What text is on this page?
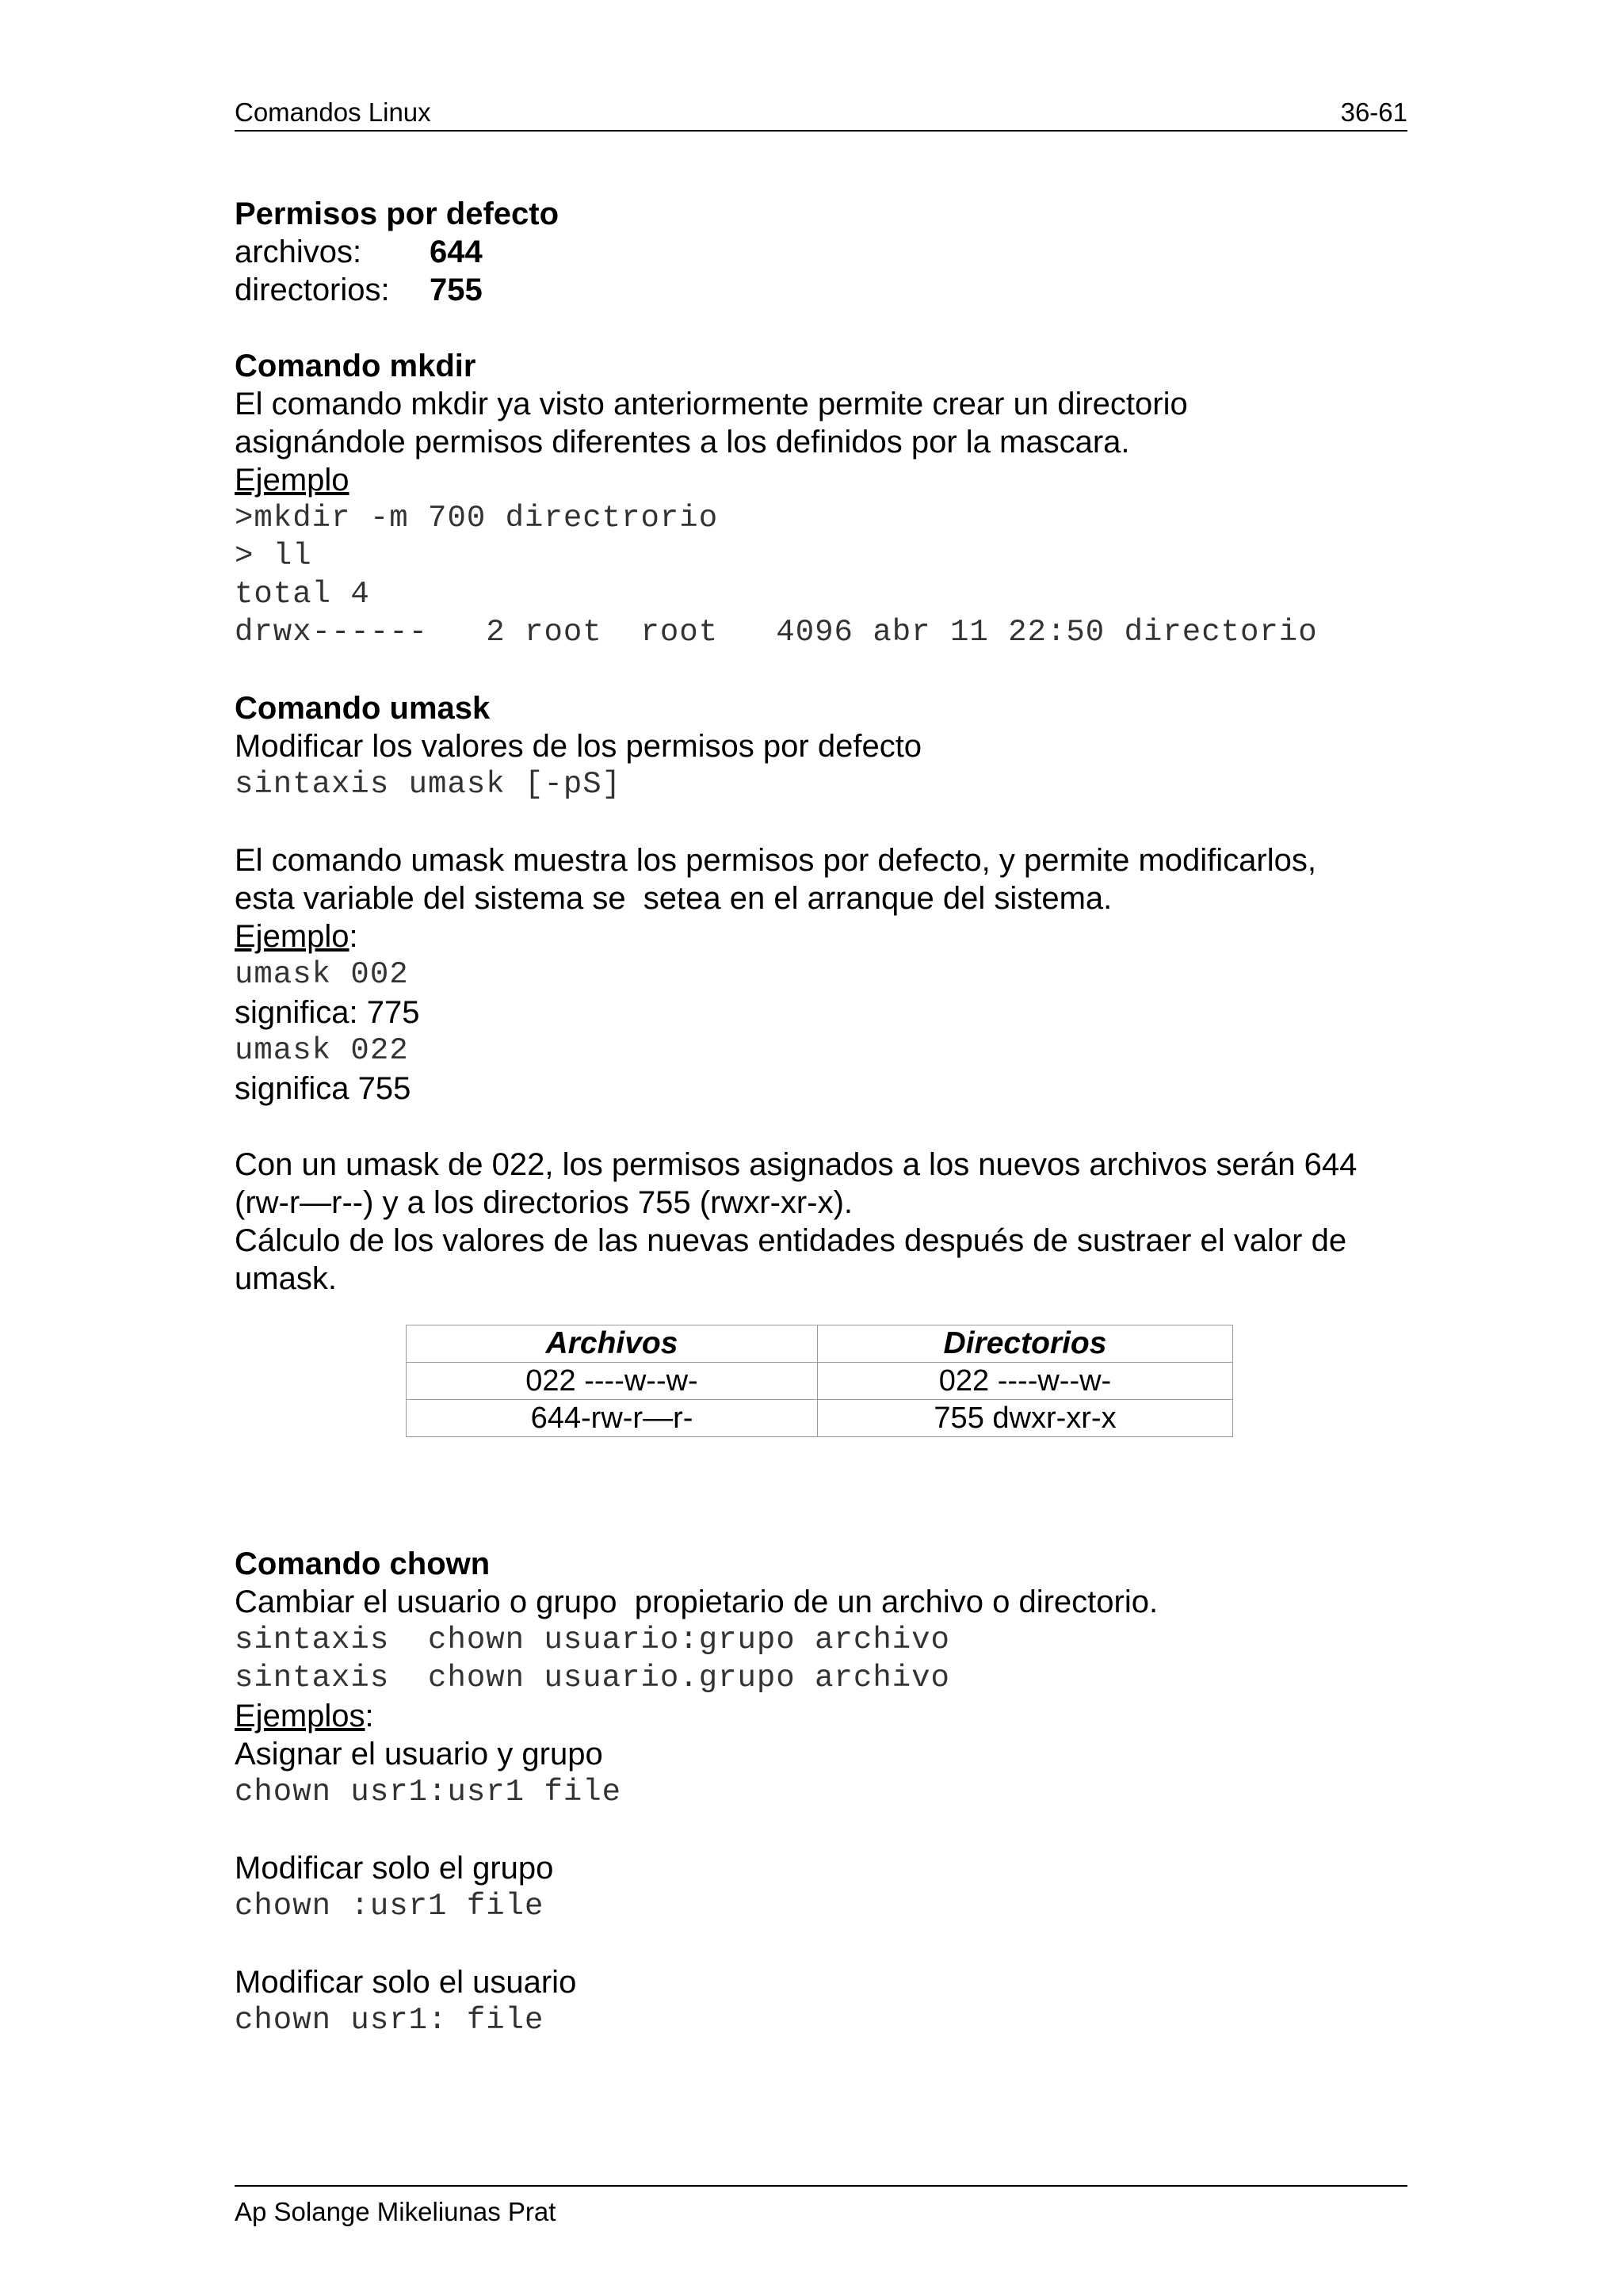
Comandos Linux	36-61
Permisos por defecto
archivos: 644
directorios: 755
Comando mkdir
El comando mkdir ya visto anteriormente permite crear un directorio
asignándole permisos diferentes a los definidos por la mascara.
Ejemplo
>mkdir -m 700 directrorio
> ll
total 4
drwx------   2 root  root   4096 abr 11 22:50 directorio
Comando umask
Modificar los valores de los permisos por defecto
sintaxis umask [-pS]
El comando umask muestra los permisos por defecto, y permite modificarlos,
esta variable del sistema se  setea en el arranque del sistema.
Ejemplo:
umask 002
significa: 775
umask 022
significa 755
Con un umask de 022, los permisos asignados a los nuevos archivos serán 644
(rw-r—r--) y a los directorios 755 (rwxr-xr-x).
Cálculo de los valores de las nuevas entidades después de sustraer el valor de
umask.
Archivos	Directorios
022 ----w--w-	022 ----w--w-
644-rw-r—r-	755 dwxr-xr-x
Comando chown
Cambiar el usuario o grupo  propietario de un archivo o directorio.
sintaxis  chown usuario:grupo archivo
sintaxis  chown usuario.grupo archivo
Ejemplos:
Asignar el usuario y grupo
chown usr1:usr1 file
Modificar solo el grupo
chown :usr1 file
Modificar solo el usuario
chown usr1: file
Ap Solange Mikeliunas Prat
